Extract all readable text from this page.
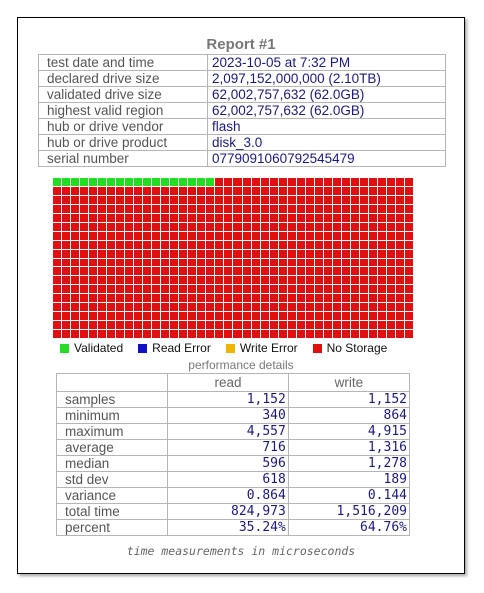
Report #1
test date and time	2023-10-05 at 7:32 PM
declared drive size	2,097,152,000,000 (2.10TB)
validated drive size	62,002,757,632 (62.0GB)
highest valid region	62,002,757,632 (62.0GB)
hub or drive vendor	flash
hub or drive product	disk_3.0
serial number	0779091060792545479
Validated Read Error Write Error No Storage
performance details
	read	write
samples	1,152	1,152
minimum	340	864
maximum	4,557	4,915
average	716	1,316
median	596	1,278
std dev	618	189
variance	0.864	0.144
total time	824,973	1,516,209
percent	35.24%	64.76%
time measurements in microseconds
